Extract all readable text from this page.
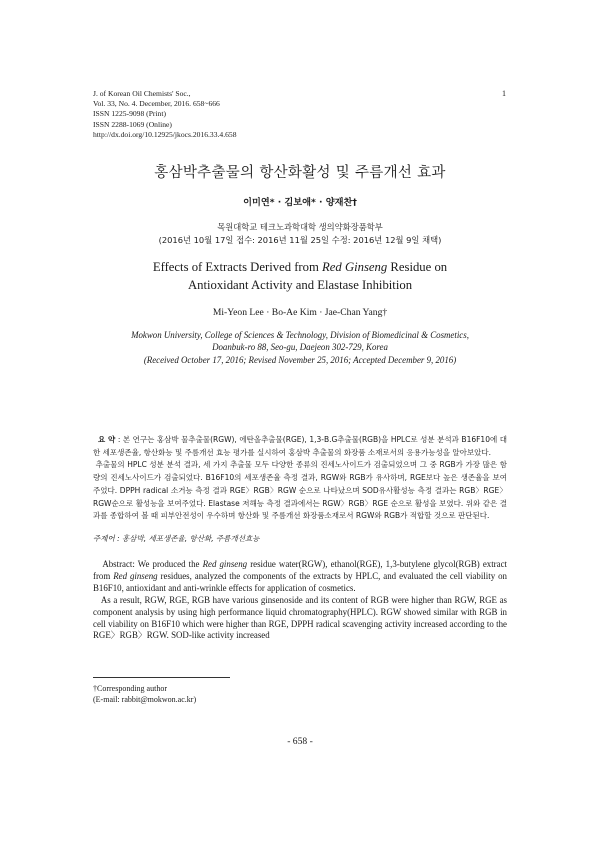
J. of Korean Oil Chemists' Soc.,
Vol. 33, No. 4. December, 2016. 658~666
ISSN 1225-9098 (Print)
ISSN 2288-1069 (Online)
http://dx.doi.org/10.12925/jkocs.2016.33.4.658
1
홍삼박추출물의 항산화활성 및 주름개선 효과
이미연* · 김보애* · 양재찬†
목원대학교 테크노과학대학 생의약화장품학부
(2016년 10월 17일 접수: 2016년 11월 25일 수정: 2016년 12월 9일 채택)
Effects of Extracts Derived from Red Ginseng Residue on
Antioxidant Activity and Elastase Inhibition
Mi-Yeon Lee · Bo-Ae Kim · Jae-Chan Yang†
Mokwon University, College of Sciences & Technology, Division of Biomedicinal & Cosmetics,
Doanbuk-ro 88, Seo-gu, Daejeon 302-729, Korea
(Received October 17, 2016; Revised November 25, 2016; Accepted December 9, 2016)

요 약 : 본 연구는 홍삼박 물추출물(RGW), 에탄올추출물(RGE), 1,3-B.G추출물(RGB)을 HPLC로 성분 분석과 B16F10에 대한 세포생존율, 항산화능 및 주름개선 효능 평가를 실시하여 홍삼박 추출물의 화장품 소재로서의 응용가능성을 알아보았다.

추출물의 HPLC 성분 분석 결과, 세 가지 추출물 모두 다양한 종류의 진세노사이드가 검출되었으며 그 중 RGB가 가장 많은 함량의 진세노사이드가 검출되었다. B16F10의 세포생존율 측정 결과, RGW와 RGB가 유사하며, RGE보다 높은 생존율을 보여주었다. DPPH radical 소거능 측정 결과 RGE〉RGB〉RGW 순으로 나타났으며 SOD유사활성능 측정 결과는 RGB〉RGE〉RGW순으로 활성능을 보여주었다. Elastase 저해능 측정 결과에서는 RGW〉RGB〉RGE 순으로 활성을 보였다. 위와 같은 결과를 종합하여 볼 때 피부안전성이 우수하며 항산화 및 주름개선 화장품소재로서 RGW와 RGB가 적합할 것으로 판단된다.

주제어 : 홍삼박, 세포생존율, 항산화, 주름개선효능

Abstract: We produced the Red ginseng residue water(RGW), ethanol(RGE), 1,3-butylene glycol(RGB) extract from Red ginseng residues, analyzed the components of the extracts by HPLC, and evaluated the cell viability on B16F10, antioxidant and anti-wrinkle effects for application of cosmetics.

As a result, RGW, RGE, RGB have various ginsenoside and its content of RGB were higher than RGW, RGE as component analysis by using high performance liquid chromatography(HPLC). RGW showed similar with RGB in cell viability on B16F10 which were higher than RGE, DPPH radical scavenging activity increased according to the RGE〉RGB〉RGW. SOD-like activity increased

†Corresponding author
(E-mail: rabbit@mokwon.ac.kr)
- 658 -
